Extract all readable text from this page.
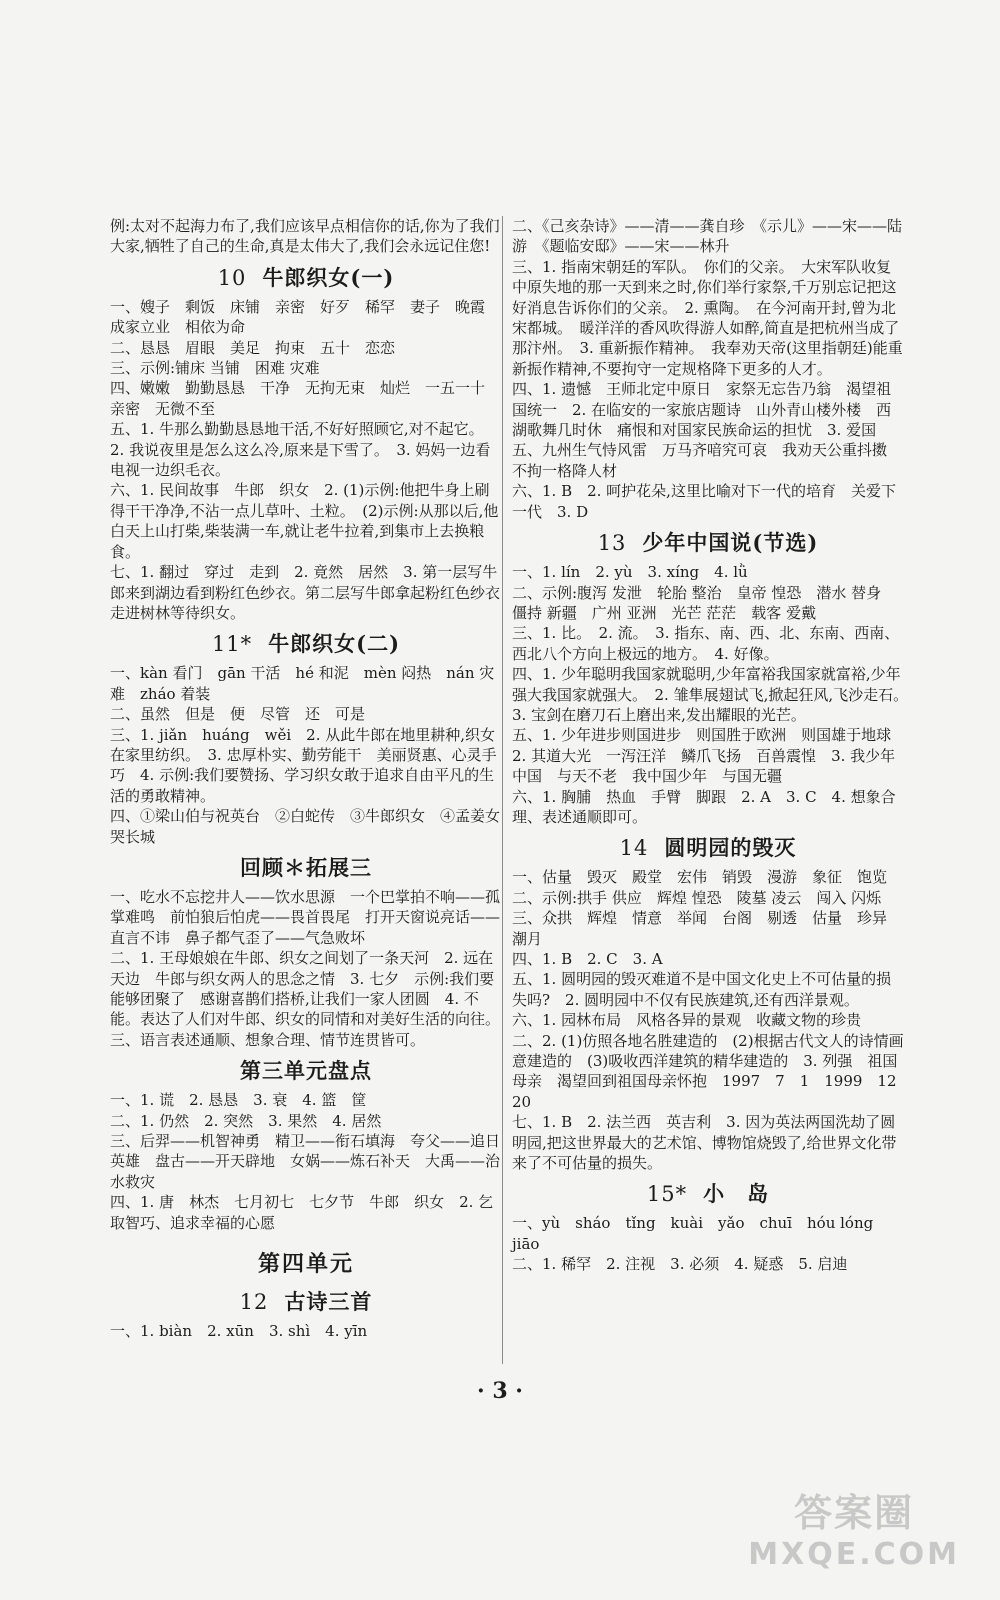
例:太对不起海力布了,我们应该早点相信你的话,你为了我们大家,牺牲了自己的生命,真是太伟大了,我们会永远记住您!

10 牛郎织女(一)

一、嫂子　剩饭　床铺　亲密　好歹　稀罕　妻子　晚霞　成家立业　相依为命

二、恳恳　眉眼　美足　拘束　五十　恋恋

三、示例:铺床 当铺　困难 灾难

四、嫩嫩　勤勤恳恳　干净　无拘无束　灿烂　一五一十　亲密　无微不至

五、1. 牛那么勤勤恳恳地干活,不好好照顾它,对不起它。　2. 我说夜里是怎么这么冷,原来是下雪了。　3. 妈妈一边看电视一边织毛衣。

六、1. 民间故事　牛郎　织女　2. (1)示例:他把牛身上刷得干干净净,不沾一点儿草叶、土粒。　(2)示例:从那以后,他白天上山打柴,柴装满一车,就让老牛拉着,到集市上去换粮食。

七、1. 翻过　穿过　走到　2. 竟然　居然　3. 第一层写牛郎来到湖边看到粉红色纱衣。第二层写牛郎拿起粉红色纱衣走进树林等待织女。

11* 牛郎织女(二)

一、kàn 看门　gān 干活　hé 和泥　mèn 闷热　nán 灾难　zháo 着装

二、虽然　但是　便　尽管　还　可是

三、1. jiǎn　huáng　wěi　2. 从此牛郎在地里耕种,织女在家里纺织。　3. 忠厚朴实、勤劳能干　美丽贤惠、心灵手巧　4. 示例:我们要赞扬、学习织女敢于追求自由平凡的生活的勇敢精神。

四、①梁山伯与祝英台　②白蛇传　③牛郎织女　④孟姜女哭长城

回顾＊拓展三

一、吃水不忘挖井人——饮水思源　一个巴掌拍不响——孤掌难鸣　前怕狼后怕虎——畏首畏尾　打开天窗说亮话——直言不讳　鼻子都气歪了——气急败坏

二、1. 王母娘娘在牛郎、织女之间划了一条天河　2. 远在天边　牛郎与织女两人的思念之情　3. 七夕　示例:我们要能够团聚了　感谢喜鹊们搭桥,让我们一家人团圆　4. 不能。表达了人们对牛郎、织女的同情和对美好生活的向往。

三、语言表述通顺、想象合理、情节连贯皆可。

第三单元盘点

一、1. 谎　2. 恳恳　3. 衰　4. 篮　筐

二、1. 仍然　2. 突然　3. 果然　4. 居然

三、后羿——机智神勇　精卫——衔石填海　夸父——追日英雄　盘古——开天辟地　女娲——炼石补天　大禹——治水救灾

四、1. 唐　林杰　七月初七　七夕节　牛郎　织女　2. 乞取智巧、追求幸福的心愿

第四单元
12 古诗三首

一、1. biàn　2. xūn　3. shì　4. yīn

二、《己亥杂诗》——清——龚自珍　《示儿》——宋——陆游　《题临安邸》——宋——林升

三、1. 指南宋朝廷的军队。　你们的父亲。　大宋军队收复中原失地的那一天到来之时,你们举行家祭,千万别忘记把这好消息告诉你们的父亲。　2. 熏陶。　在今河南开封,曾为北宋都城。　暖洋洋的香风吹得游人如醉,简直是把杭州当成了那汴州。　3. 重新振作精神。　我奉劝天帝(这里指朝廷)能重新振作精神,不要拘守一定规格降下更多的人才。

四、1. 遗憾　王师北定中原日　家祭无忘告乃翁　渴望祖国统一　2. 在临安的一家旅店题诗　山外青山楼外楼　西湖歌舞几时休　痛恨和对国家民族命运的担忧　3. 爱国

五、九州生气恃风雷　万马齐喑究可哀　我劝天公重抖擞　不拘一格降人材

六、1. B　2. 呵护花朵,这里比喻对下一代的培育　关爱下一代　3. D

13 少年中国说(节选)

一、1. lín　2. yù　3. xíng　4. lǜ

二、示例:腹泻 发泄　轮胎 整治　皇帝 惶恐　潜水 替身　僵持 新疆　广州 亚洲　光芒 茫茫　载客 爱戴

三、1. 比。　2. 流。　3. 指东、南、西、北、东南、西南、西北八个方向上极远的地方。　4. 好像。

四、1. 少年聪明我国家就聪明,少年富裕我国家就富裕,少年强大我国家就强大。　2. 雏隼展翅试飞,掀起狂风,飞沙走石。　3. 宝剑在磨刀石上磨出来,发出耀眼的光芒。

五、1. 少年进步则国进步　则国胜于欧洲　则国雄于地球　2. 其道大光　一泻汪洋　鳞爪飞扬　百兽震惶　3. 我少年中国　与天不老　我中国少年　与国无疆

六、1. 胸脯　热血　手臂　脚跟　2. A　3. C　4. 想象合理、表述通顺即可。

14 圆明园的毁灭

一、估量　毁灭　殿堂　宏伟　销毁　漫游　象征　饱览

二、示例:拱手 供应　辉煌 惶恐　陵墓 凌云　闯入 闪烁

三、众拱　辉煌　情意　举闻　台阁　剔透　估量　珍异　潮月

四、1. B　2. C　3. A

五、1. 圆明园的毁灭难道不是中国文化史上不可估量的损失吗?　2. 圆明园中不仅有民族建筑,还有西洋景观。

六、1. 园林布局　风格各异的景观　收藏文物的珍贵　二、2. (1)仿照各地名胜建造的　(2)根据古代文人的诗情画意建造的　(3)吸收西洋建筑的精华建造的　3. 列强　祖国母亲　渴望回到祖国母亲怀抱　1997　7　1　1999　12　20

七、1. B　2. 法兰西　英吉利　3. 因为英法两国洗劫了圆明园,把这世界最大的艺术馆、博物馆烧毁了,给世界文化带来了不可估量的损失。

15* 小　岛

一、yù　sháo　tǐng　kuài　yǎo　chuī　hóu lóng　jiāo

二、1. 稀罕　2. 注视　3. 必须　4. 疑惑　5. 启迪

· 3 ·
答案圈
MXQE.COM
